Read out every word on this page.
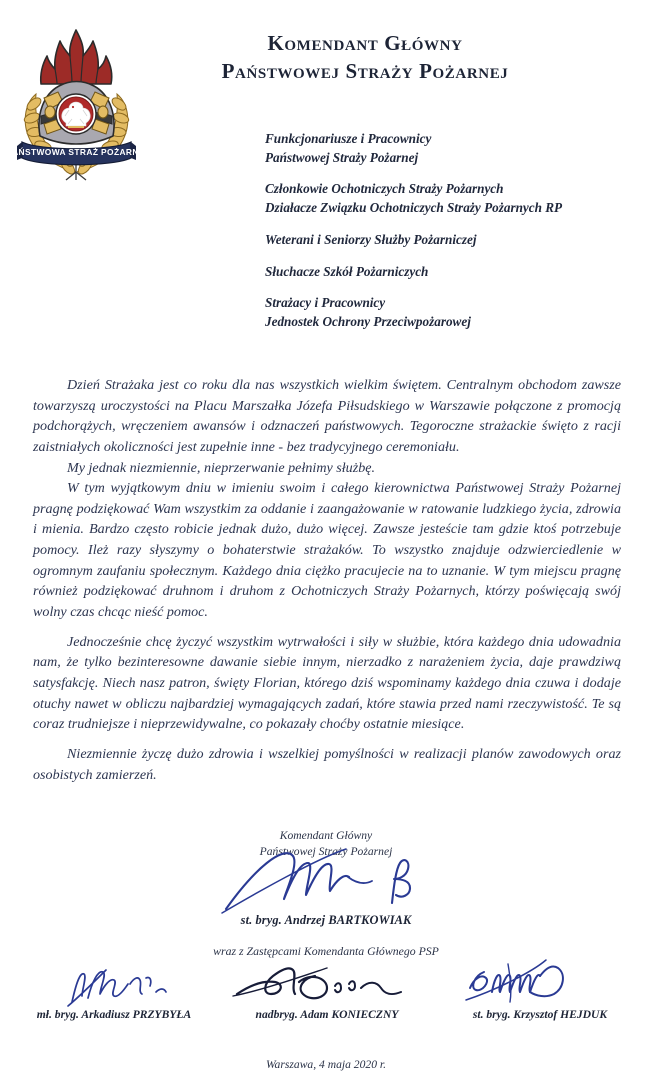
PAŃSTWOWA STRAŻ POŻARNA
Komendant Główny
Państwowej Straży Pożarnej
Funkcjonariusze i Pracownicy
Państwowej Straży Pożarnej
Członkowie Ochotniczych Straży Pożarnych
Działacze Związku Ochotniczych Straży Pożarnych RP
Weterani i Seniorzy Służby Pożarniczej
Słuchacze Szkół Pożarniczych
Strażacy i Pracownicy
Jednostek Ochrony Przeciwpożarowej

Dzień Strażaka jest co roku dla nas wszystkich wielkim świętem. Centralnym obchodom zawsze towarzyszą uroczystości na Placu Marszałka Józefa Piłsudskiego w Warszawie połączone z promocją podchorążych, wręczeniem awansów i odznaczeń państwowych. Tegoroczne strażackie święto z racji zaistniałych okoliczności jest zupełnie inne - bez tradycyjnego ceremoniału.

My jednak niezmiennie, nieprzerwanie pełnimy służbę.

W tym wyjątkowym dniu w imieniu swoim i całego kierownictwa Państwowej Straży Pożarnej pragnę podziękować Wam wszystkim za oddanie i zaangażowanie w ratowanie ludzkiego życia, zdrowia i mienia. Bardzo często robicie jednak dużo, dużo więcej. Zawsze jesteście tam gdzie ktoś potrzebuje pomocy. Ileż razy słyszymy o bohaterstwie strażaków. To wszystko znajduje odzwierciedlenie w ogromnym zaufaniu społecznym. Każdego dnia ciężko pracujecie na to uznanie. W tym miejscu pragnę również podziękować druhnom i druhom z Ochotniczych Straży Pożarnych, którzy poświęcają swój wolny czas chcąc nieść pomoc.

Jednocześnie chcę życzyć wszystkim wytrwałości i siły w służbie, która każdego dnia udowadnia nam, że tylko bezinteresowne dawanie siebie innym, nierzadko z narażeniem życia, daje prawdziwą satysfakcję. Niech nasz patron, święty Florian, którego dziś wspominamy każdego dnia czuwa i dodaje otuchy nawet w obliczu najbardziej wymagających zadań, które stawia przed nami rzeczywistość. Te są coraz trudniejsze i nieprzewidywalne, co pokazały choćby ostatnie miesiące.

Niezmiennie życzę dużo zdrowia i wszelkiej pomyślności w realizacji planów zawodowych oraz osobistych zamierzeń.

Komendant Główny
Państwowej Straży Pożarnej
st. bryg. Andrzej BARTKOWIAK
wraz z Zastępcami Komendanta Głównego PSP
mł. bryg. Arkadiusz PRZYBYŁA	nadbryg. Adam KONIECZNY	st. bryg. Krzysztof HEJDUK
Warszawa, 4 maja 2020 r.
